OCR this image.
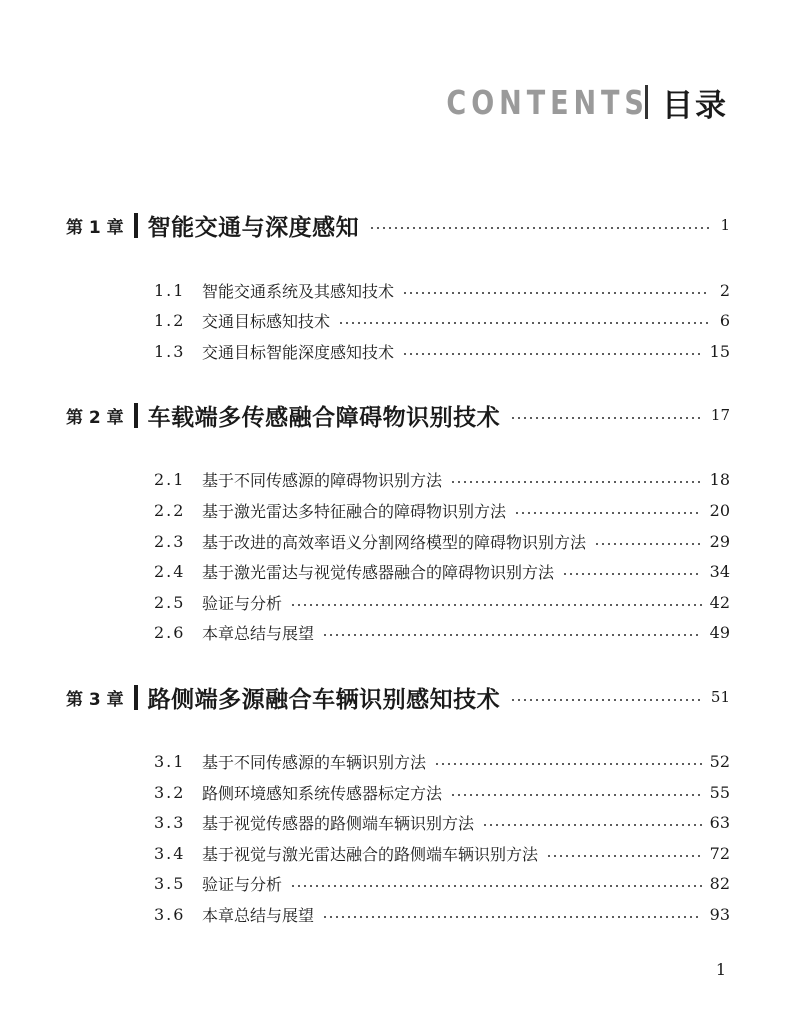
CONTENTS 目录
第 1 章 智能交通与深度感知	1
1.1	智能交通系统及其感知技术	2
1.2	交通目标感知技术	6
1.3	交通目标智能深度感知技术	15
第 2 章 车载端多传感融合障碍物识别技术	17
2.1	基于不同传感源的障碍物识别方法	18
2.2	基于激光雷达多特征融合的障碍物识别方法	20
2.3	基于改进的高效率语义分割网络模型的障碍物识别方法	29
2.4	基于激光雷达与视觉传感器融合的障碍物识别方法	34
2.5	验证与分析	42
2.6	本章总结与展望	49
第 3 章 路侧端多源融合车辆识别感知技术	51
3.1	基于不同传感源的车辆识别方法	52
3.2	路侧环境感知系统传感器标定方法	55
3.3	基于视觉传感器的路侧端车辆识别方法	63
3.4	基于视觉与激光雷达融合的路侧端车辆识别方法	72
3.5	验证与分析	82
3.6	本章总结与展望	93
1
